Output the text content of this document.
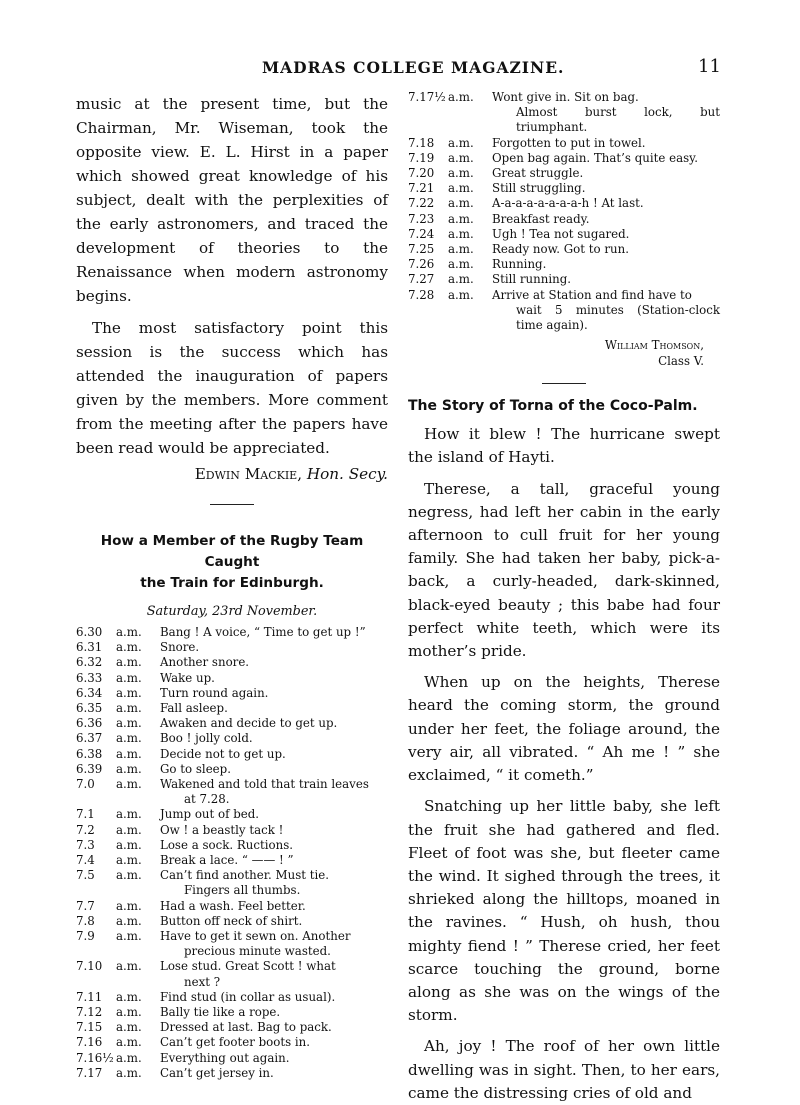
MADRAS COLLEGE MAGAZINE.	11

music at the present time, but the Chairman, Mr. Wiseman, took the opposite view. E. L. Hirst in a paper which showed great knowledge of his subject, dealt with the perplexities of the early astronomers, and traced the development of theories to the Renaissance when modern astronomy begins.

The most satisfactory point this session is the success which has attended the inauguration of papers given by the members. More comment from the meeting after the papers have been read would be appreciated.

Edwin Mackie, Hon. Secy.

How a Member of the Rugby Team Caught
the Train for Edinburgh.
Saturday, 23rd November.
6.30	a.m.	Bang ! A voice, “ Time to get up !”
6.31	a.m.	Snore.
6.32	a.m.	Another snore.
6.33	a.m.	Wake up.
6.34	a.m.	Turn round again.
6.35	a.m.	Fall asleep.
6.36	a.m.	Awaken and decide to get up.
6.37	a.m.	Boo ! jolly cold.
6.38	a.m.	Decide not to get up.
6.39	a.m.	Go to sleep.
7.0	a.m.	Wakened and told that train leaves
at 7.28.
7.1	a.m.	Jump out of bed.
7.2	a.m.	Ow ! a beastly tack !
7.3	a.m.	Lose a sock. Ructions.
7.4	a.m.	Break a lace. “ —— ! ”
7.5	a.m.	Can’t find another. Must tie.
Fingers all thumbs.
7.7	a.m.	Had a wash. Feel better.
7.8	a.m.	Button off neck of shirt.
7.9	a.m.	Have to get it sewn on. Another
precious minute wasted.
7.10	a.m.	Lose stud. Great Scott ! what
next ?
7.11	a.m.	Find stud (in collar as usual).
7.12	a.m.	Bally tie like a rope.
7.15	a.m.	Dressed at last. Bag to pack.
7.16	a.m.	Can’t get footer boots in.
7.16½ a.m.	Everything out again.
7.17	a.m.	Can’t get jersey in.
7.17½ a.m.	Wont give in. Sit on bag.
Almost burst lock, but triumphant.
7.18	a.m.	Forgotten to put in towel.
7.19	a.m.	Open bag again. That’s quite easy.
7.20	a.m.	Great struggle.
7.21	a.m.	Still struggling.
7.22	a.m.	A-a-a-a-a-a-a-a-h ! At last.
7.23	a.m.	Breakfast ready.
7.24	a.m.	Ugh ! Tea not sugared.
7.25	a.m.	Ready now. Got to run.
7.26	a.m.	Running.
7.27	a.m.	Still running.
7.28	a.m.	Arrive at Station and find have to
wait 5 minutes (Station-clock time again).
William Thomson,
Class V.
The Story of Torna of the Coco-Palm.

How it blew ! The hurricane swept the island of Hayti.

Therese, a tall, graceful young negress, had left her cabin in the early afternoon to cull fruit for her young family. She had taken her baby, pick-a-back, a curly-headed, dark-skinned, black-eyed beauty ; this babe had four perfect white teeth, which were its mother’s pride.

When up on the heights, Therese heard the coming storm, the ground under her feet, the foliage around, the very air, all vibrated. “ Ah me ! ” she exclaimed, “ it cometh.”

Snatching up her little baby, she left the fruit she had gathered and fled. Fleet of foot was she, but fleeter came the wind. It sighed through the trees, it shrieked along the hilltops, moaned in the ravines. “ Hush, oh hush, thou mighty fiend ! ” Therese cried, her feet scarce touching the ground, borne along as she was on the wings of the storm.

Ah, joy ! The roof of her own little dwelling was in sight. Then, to her ears, came the distressing cries of old and
